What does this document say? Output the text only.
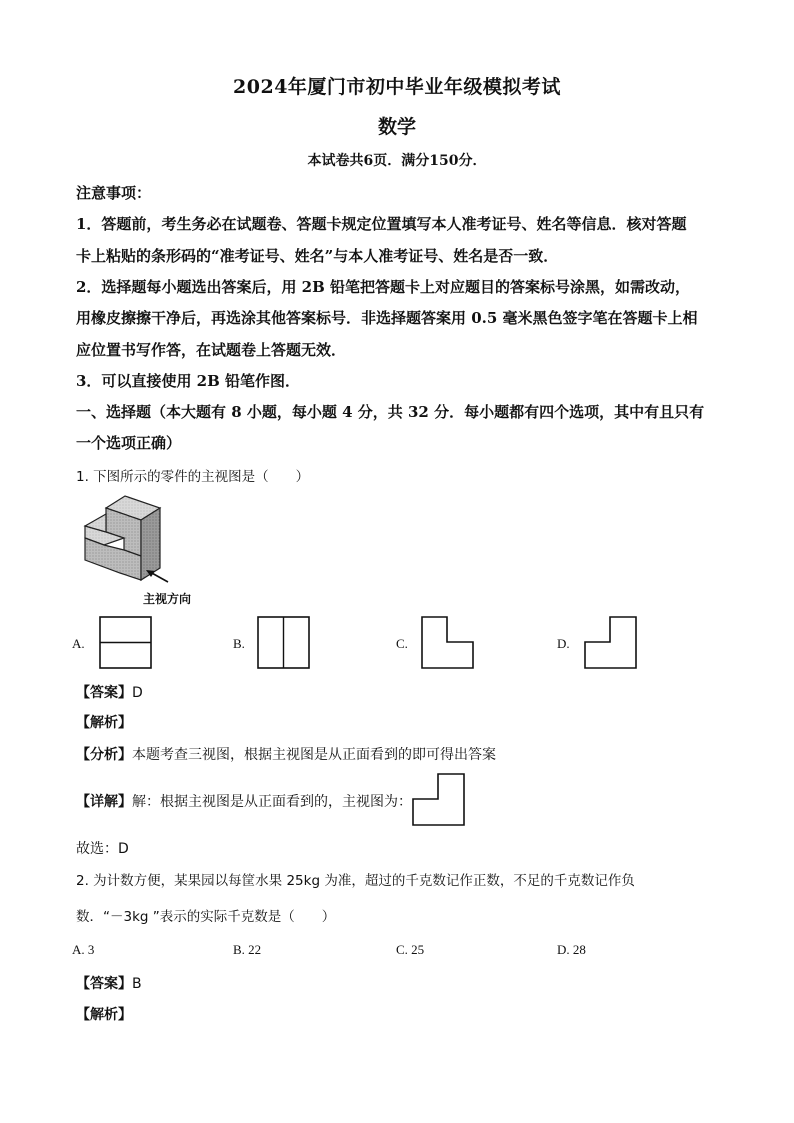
2024年厦门市初中毕业年级模拟考试
数学
本试卷共6页．满分150分．
注意事项：
1．答题前，考生务必在试题卷、答题卡规定位置填写本人准考证号、姓名等信息．核对答题
卡上粘贴的条形码的“准考证号、姓名”与本人准考证号、姓名是否一致．
2．选择题每小题选出答案后，用 2B 铅笔把答题卡上对应题目的答案标号涂黑，如需改动，
用橡皮擦擦干净后，再选涂其他答案标号．非选择题答案用 0.5 毫米黑色签字笔在答题卡上相
应位置书写作答，在试题卷上答题无效．
3．可以直接使用 2B 铅笔作图．
一、选择题（本大题有 8 小题，每小题 4 分，共 32 分．每小题都有四个选项，其中有且只有
一个选项正确）
1. 下图所示的零件的主视图是（　　）
主视方向
A.	B.	C.	D.
【答案】D
【解析】
【分析】本题考查三视图，根据主视图是从正面看到的即可得出答案
【详解】解：根据主视图是从正面看到的，主视图为：
故选：D
2. 为计数方便，某果园以每筐水果 25kg 为准，超过的千克数记作正数，不足的千克数记作负
数．“－3kg ”表示的实际千克数是（　　）
A. 3	B. 22	C. 25	D. 28
【答案】B
【解析】
